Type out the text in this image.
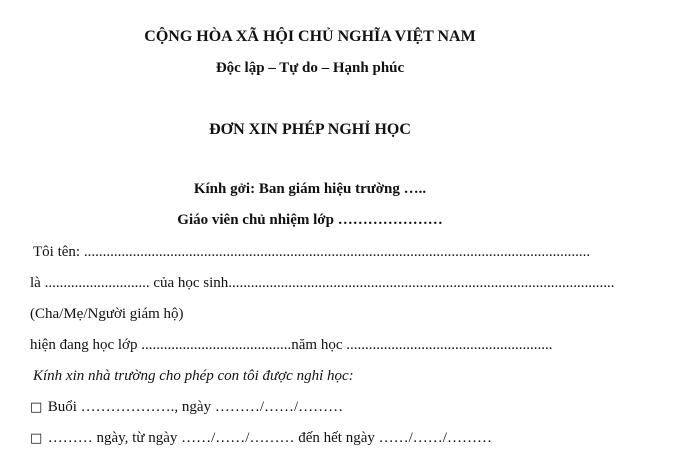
CỘNG HÒA XÃ HỘI CHỦ NGHĨA VIỆT NAM
Độc lập – Tự do – Hạnh phúc
ĐƠN XIN PHÉP NGHỈ HỌC
Kính gởi: Ban giám hiệu trường …..
Giáo viên chủ nhiệm lớp …………………
Tôi tên: .......................................................................................................................................
là ............................ của học sinh.......................................................................................................
(Cha/Mẹ/Người giám hộ)
hiện đang học lớp ........................................năm học .......................................................
Kính xin nhà trường cho phép con tôi được nghỉ học:
□ Buổi ………………., ngày ………/……/………
□ ……… ngày, từ ngày ……/……/……… đến hết ngày ……/……/………
